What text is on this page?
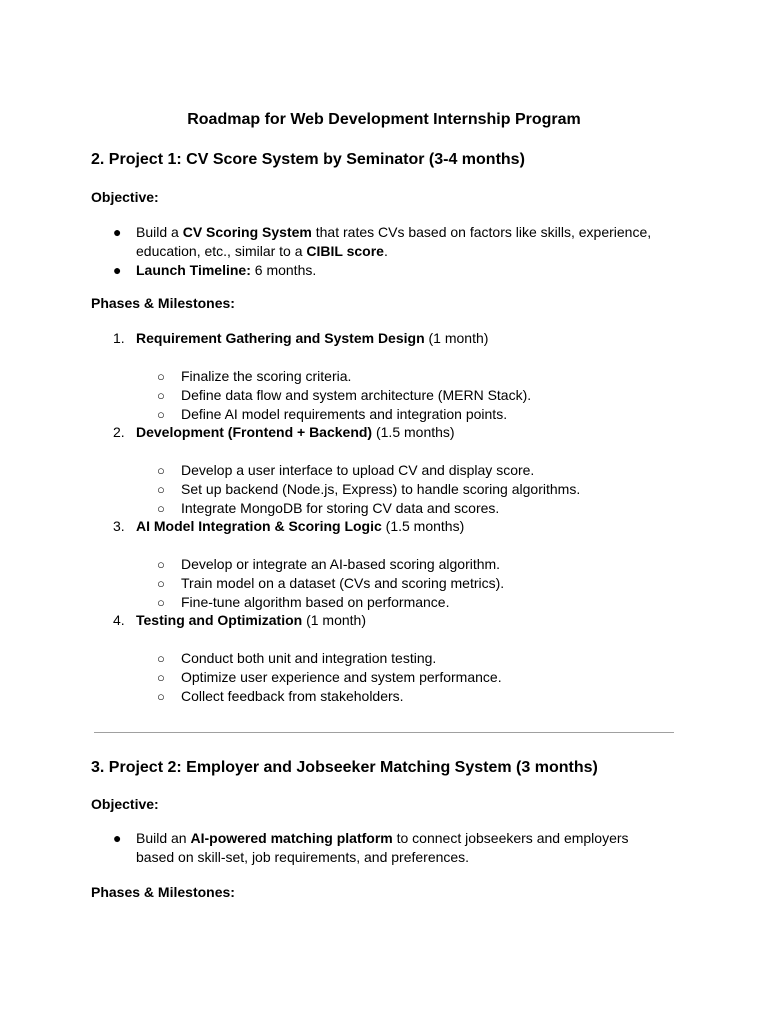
Roadmap for Web Development Internship Program
2. Project 1: CV Score System by Seminator (3-4 months)
Objective:
● Build a CV Scoring System that rates CVs based on factors like skills, experience, education, etc., similar to a CIBIL score.
● Launch Timeline: 6 months.
Phases & Milestones:
1. Requirement Gathering and System Design (1 month)
○ Finalize the scoring criteria.
○ Define data flow and system architecture (MERN Stack).
○ Define AI model requirements and integration points.
2. Development (Frontend + Backend) (1.5 months)
○ Develop a user interface to upload CV and display score.
○ Set up backend (Node.js, Express) to handle scoring algorithms.
○ Integrate MongoDB for storing CV data and scores.
3. AI Model Integration & Scoring Logic (1.5 months)
○ Develop or integrate an AI-based scoring algorithm.
○ Train model on a dataset (CVs and scoring metrics).
○ Fine-tune algorithm based on performance.
4. Testing and Optimization (1 month)
○ Conduct both unit and integration testing.
○ Optimize user experience and system performance.
○ Collect feedback from stakeholders.
3. Project 2: Employer and Jobseeker Matching System (3 months)
Objective:
● Build an AI-powered matching platform to connect jobseekers and employers based on skill-set, job requirements, and preferences.
Phases & Milestones:
